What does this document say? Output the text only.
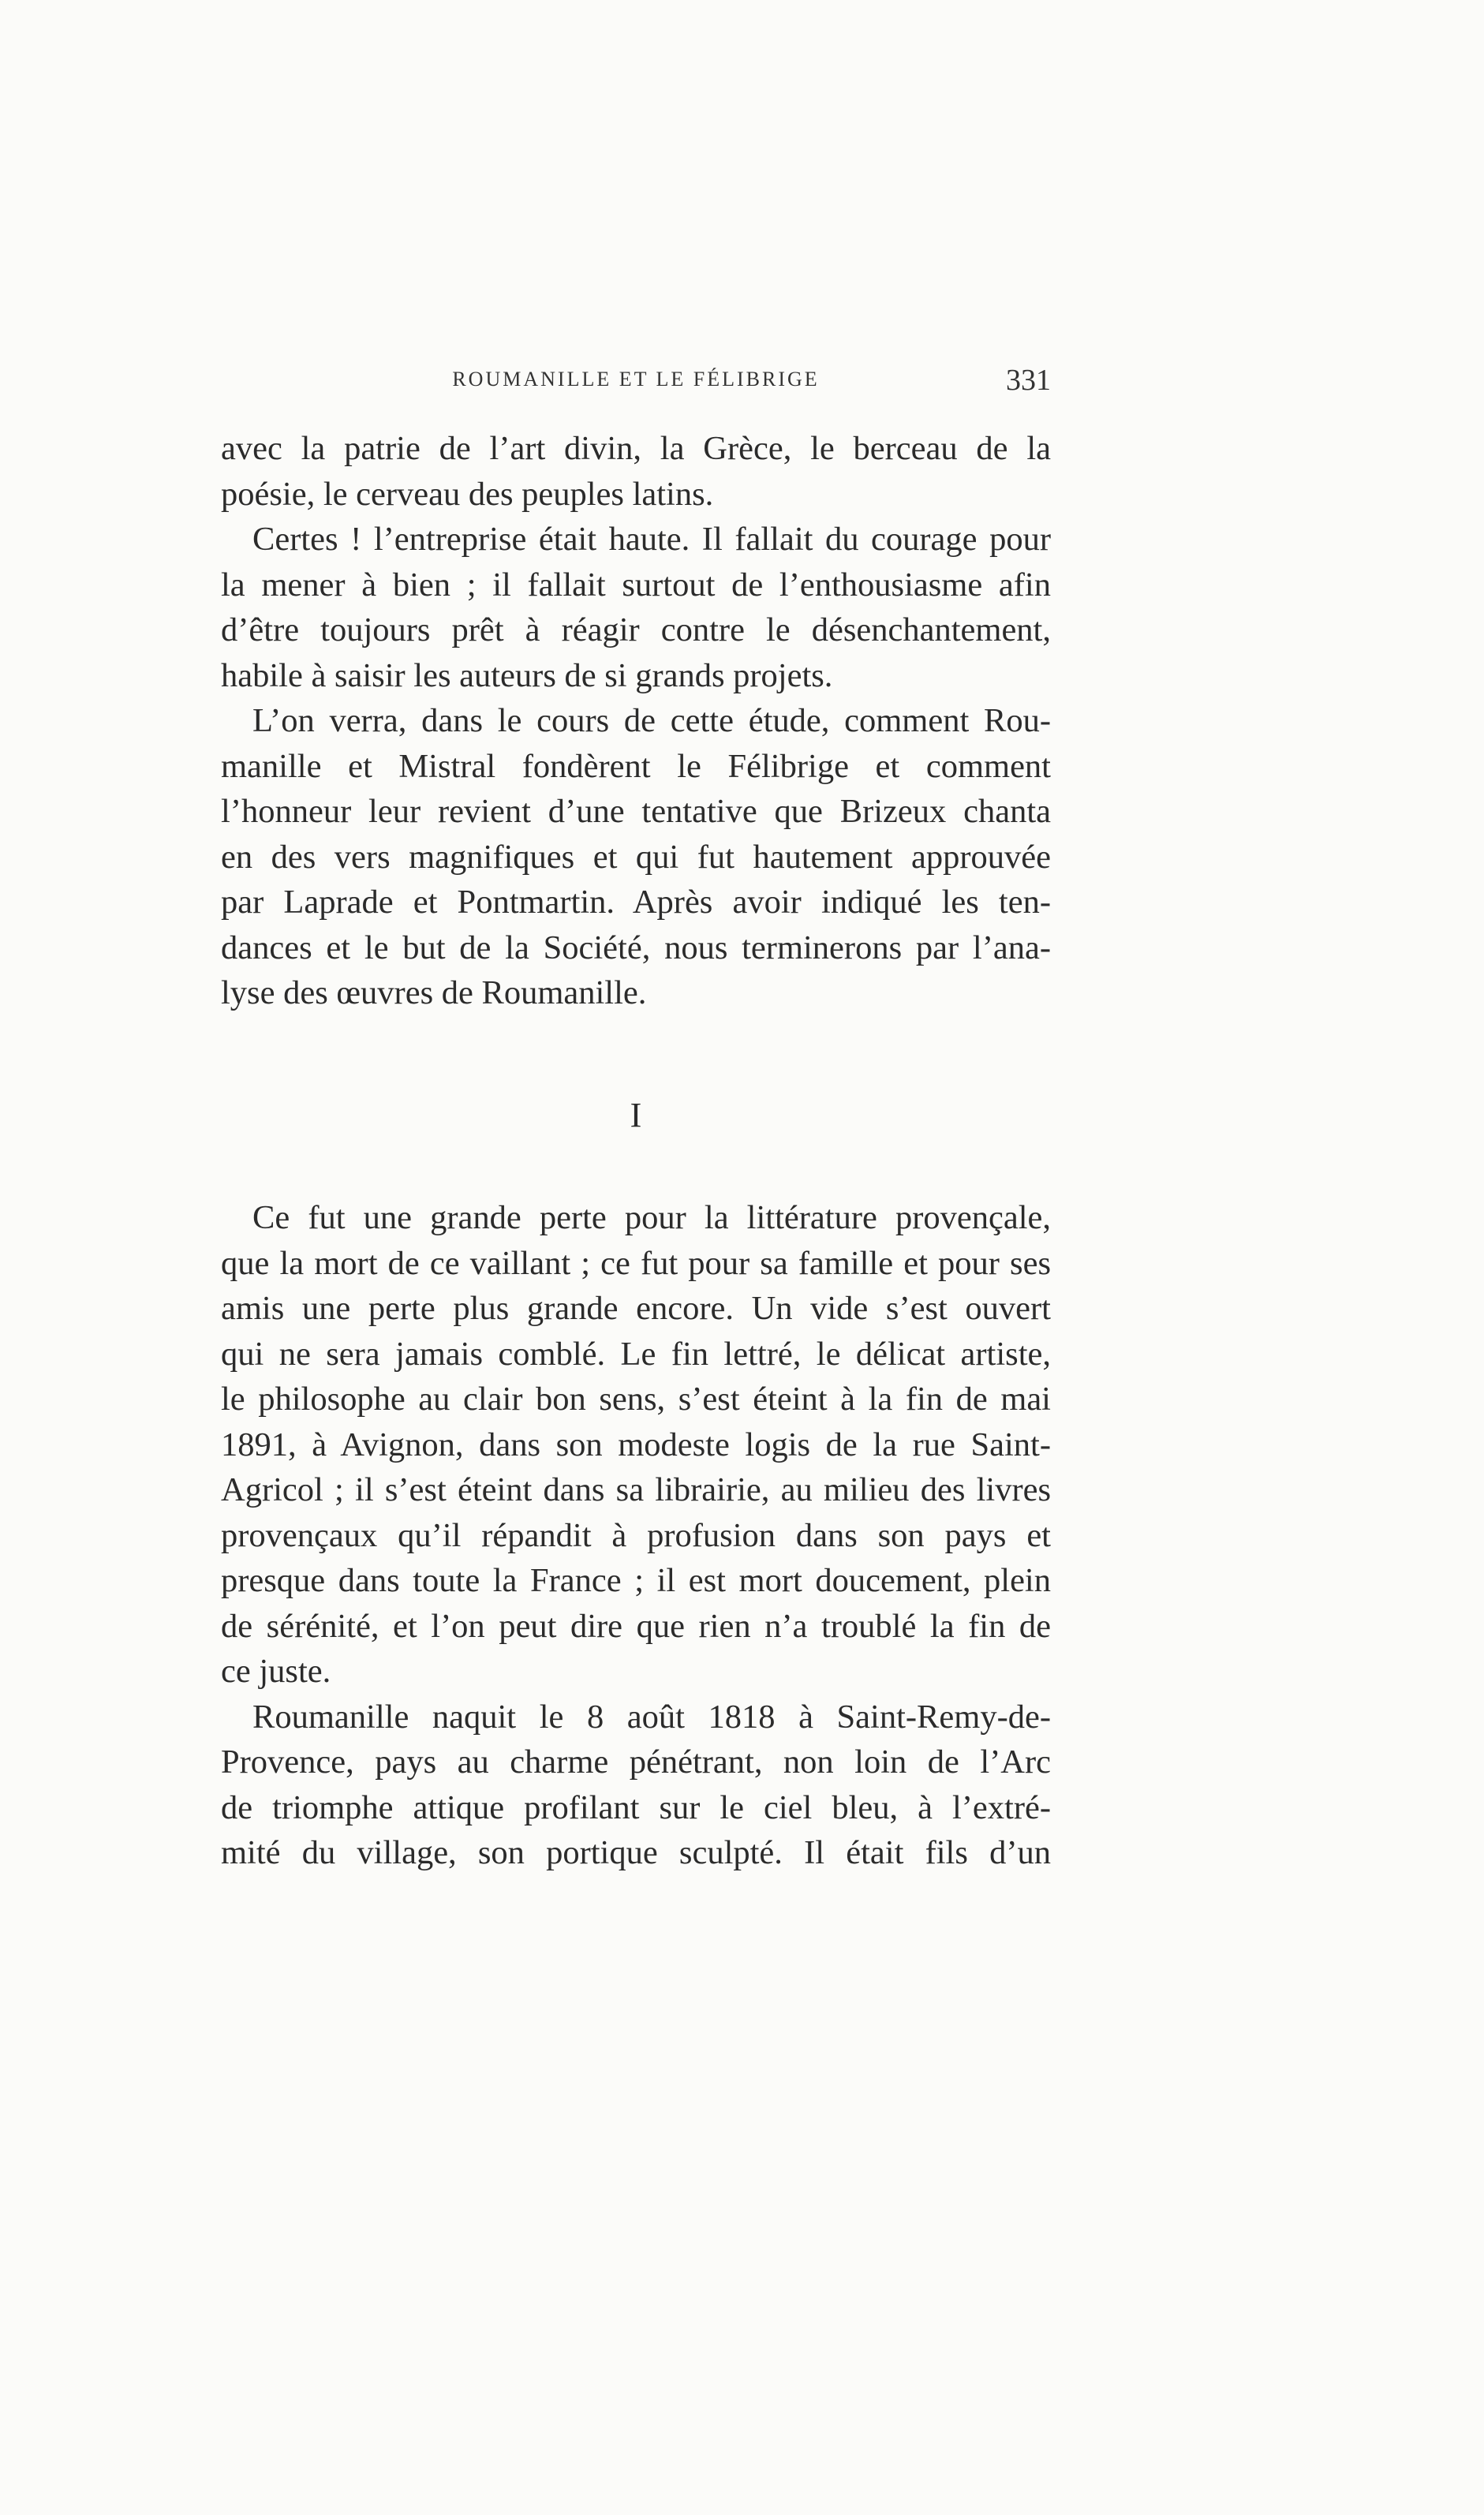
ROUMANILLE ET LE FÉLIBRIGE	331

avec la patrie de l’art divin, la Grèce, le berceau de la
poésie, le cerveau des peuples latins.

Certes ! l’entreprise était haute. Il fallait du courage pour
la mener à bien ; il fallait surtout de l’enthousiasme afin
d’être toujours prêt à réagir contre le désenchantement,
habile à saisir les auteurs de si grands projets.

L’on verra, dans le cours de cette étude, comment Rou-
manille et Mistral fondèrent le Félibrige et comment
l’honneur leur revient d’une tentative que Brizeux chanta
en des vers magnifiques et qui fut hautement approuvée
par Laprade et Pontmartin. Après avoir indiqué les ten-
dances et le but de la Société, nous terminerons par l’ana-
lyse des œuvres de Roumanille.

I

Ce fut une grande perte pour la littérature provençale,
que la mort de ce vaillant ; ce fut pour sa famille et pour ses
amis une perte plus grande encore. Un vide s’est ouvert
qui ne sera jamais comblé. Le fin lettré, le délicat artiste,
le philosophe au clair bon sens, s’est éteint à la fin de mai
1891, à Avignon, dans son modeste logis de la rue Saint-
Agricol ; il s’est éteint dans sa librairie, au milieu des livres
provençaux qu’il répandit à profusion dans son pays et
presque dans toute la France ; il est mort doucement, plein
de sérénité, et l’on peut dire que rien n’a troublé la fin de
ce juste.

Roumanille naquit le 8 août 1818 à Saint-Remy-de-
Provence, pays au charme pénétrant, non loin de l’Arc
de triomphe attique profilant sur le ciel bleu, à l’extré-
mité du village, son portique sculpté. Il était fils d’un
